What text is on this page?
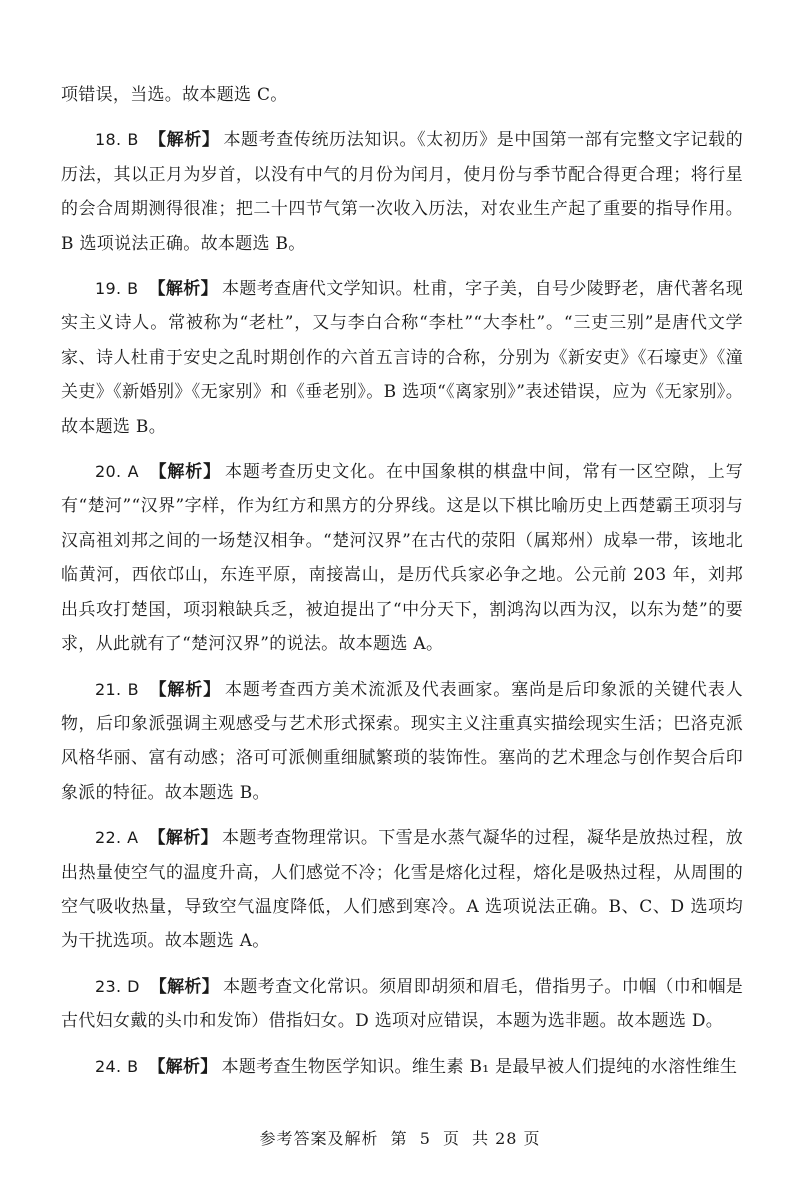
项错误，当选。故本题选 C。

18. B 【解析】 本题考查传统历法知识。《太初历》是中国第一部有完整文字记载的历法，其以正月为岁首，以没有中气的月份为闰月，使月份与季节配合得更合理；将行星的会合周期测得很准；把二十四节气第一次收入历法，对农业生产起了重要的指导作用。B 选项说法正确。故本题选 B。

19. B 【解析】 本题考查唐代文学知识。杜甫，字子美，自号少陵野老，唐代著名现实主义诗人。常被称为“老杜”，又与李白合称“李杜”“大李杜”。“三吏三别”是唐代文学家、诗人杜甫于安史之乱时期创作的六首五言诗的合称，分别为《新安吏》《石壕吏》《潼关吏》《新婚别》《无家别》和《垂老别》。B 选项“《离家别》”表述错误，应为《无家别》。故本题选 B。

20. A 【解析】 本题考查历史文化。在中国象棋的棋盘中间，常有一区空隙，上写有“楚河”“汉界”字样，作为红方和黑方的分界线。这是以下棋比喻历史上西楚霸王项羽与汉高祖刘邦之间的一场楚汉相争。“楚河汉界”在古代的荥阳（属郑州）成皋一带，该地北临黄河，西依邙山，东连平原，南接嵩山，是历代兵家必争之地。公元前 203 年，刘邦出兵攻打楚国，项羽粮缺兵乏，被迫提出了“中分天下，割鸿沟以西为汉，以东为楚”的要求，从此就有了“楚河汉界”的说法。故本题选 A。

21. B 【解析】 本题考查西方美术流派及代表画家。塞尚是后印象派的关键代表人物，后印象派强调主观感受与艺术形式探索。现实主义注重真实描绘现实生活；巴洛克派风格华丽、富有动感；洛可可派侧重细腻繁琐的装饰性。塞尚的艺术理念与创作契合后印象派的特征。故本题选 B。

22. A 【解析】 本题考查物理常识。下雪是水蒸气凝华的过程，凝华是放热过程，放出热量使空气的温度升高，人们感觉不冷；化雪是熔化过程，熔化是吸热过程，从周围的空气吸收热量，导致空气温度降低，人们感到寒冷。A 选项说法正确。B、C、D 选项均为干扰选项。故本题选 A。

23. D 【解析】 本题考查文化常识。须眉即胡须和眉毛，借指男子。巾帼（巾和帼是古代妇女戴的头巾和发饰）借指妇女。D 选项对应错误，本题为选非题。故本题选 D。

24. B 【解析】 本题考查生物医学知识。维生素 B₁ 是最早被人们提纯的水溶性维生

参考答案及解析 第 5 页 共 28 页
